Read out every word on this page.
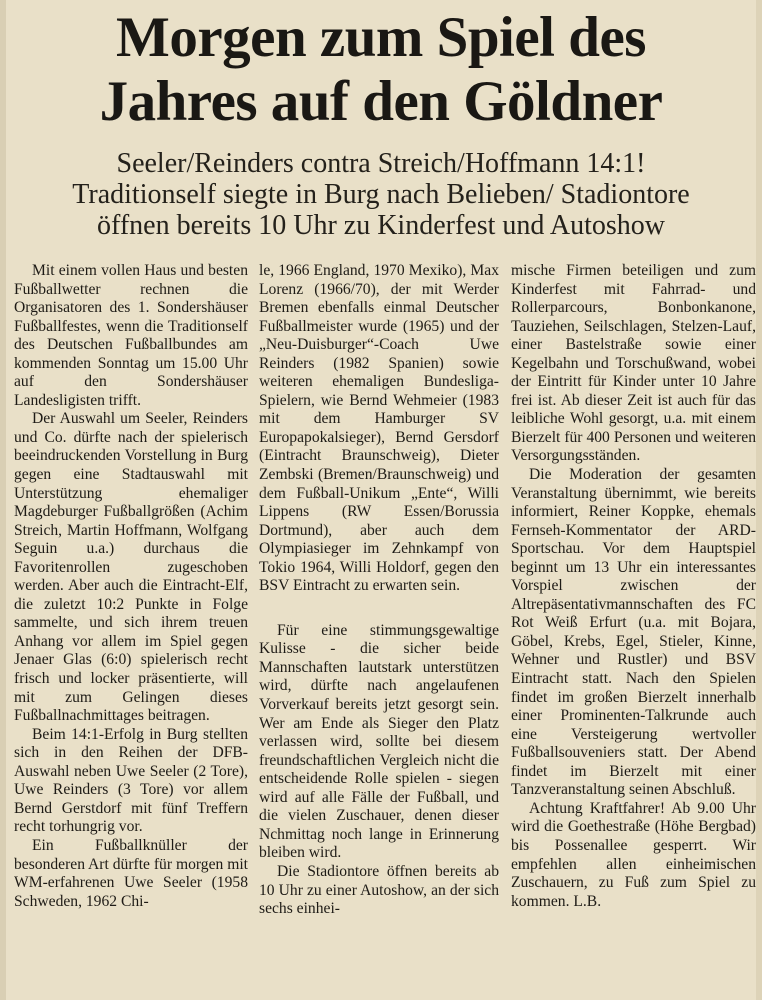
Morgen zum Spiel des
Jahres auf den Göldner
Seeler/Reinders contra Streich/Hoffmann 14:1!
Traditionself siegte in Burg nach Belieben/ Stadiontore
öffnen bereits 10 Uhr zu Kinderfest und Autoshow

Mit einem vollen Haus und besten Fußballwetter rechnen die Organisatoren des 1. Sondershäuser Fußballfestes, wenn die Traditionself des Deutschen Fußballbundes am kommenden Sonntag um 15.00 Uhr auf den Sondershäuser Landesligisten trifft.

Der Auswahl um Seeler, Reinders und Co. dürfte nach der spielerisch beeindruckenden Vorstellung in Burg gegen eine Stadtauswahl mit Unterstützung ehemaliger Magdeburger Fußballgrößen (Achim Streich, Martin Hoffmann, Wolfgang Seguin u.a.) durchaus die Favoritenrollen zugeschoben werden. Aber auch die Eintracht-Elf, die zuletzt 10:2 Punkte in Folge sammelte, und sich ihrem treuen Anhang vor allem im Spiel gegen Jenaer Glas (6:0) spielerisch recht frisch und locker präsentierte, will mit zum Gelingen dieses Fußballnachmittages beitragen.

Beim 14:1-Erfolg in Burg stellten sich in den Reihen der DFB-Auswahl neben Uwe Seeler (2 Tore), Uwe Reinders (3 Tore) vor allem Bernd Gerstdorf mit fünf Treffern recht torhungrig vor.

Ein Fußballknüller der besonderen Art dürfte für morgen mit WM-erfahrenen Uwe Seeler (1958 Schweden, 1962 Chi-

le, 1966 England, 1970 Mexiko), Max Lorenz (1966/70), der mit Werder Bremen ebenfalls einmal Deutscher Fußballmeister wurde (1965) und der „Neu-Duisburger“-Coach Uwe Reinders (1982 Spanien) sowie weiteren ehemaligen Bundesliga-Spielern, wie Bernd Wehmeier (1983 mit dem Hamburger SV Europapokalsieger), Bernd Gersdorf (Eintracht Braunschweig), Dieter Zembski (Bremen/Braunschweig) und dem Fußball-Unikum „Ente“, Willi Lippens (RW Essen/Borussia Dortmund), aber auch dem Olympiasieger im Zehnkampf von Tokio 1964, Willi Holdorf, gegen den BSV Eintracht zu erwarten sein.

Für eine stimmungsgewaltige Kulisse - die sicher beide Mannschaften lautstark unterstützen wird, dürfte nach angelaufenen Vorverkauf bereits jetzt gesorgt sein. Wer am Ende als Sieger den Platz verlassen wird, sollte bei diesem freundschaftlichen Vergleich nicht die entscheidende Rolle spielen - siegen wird auf alle Fälle der Fußball, und die vielen Zuschauer, denen dieser Nchmittag noch lange in Erinnerung bleiben wird.

Die Stadiontore öffnen bereits ab 10 Uhr zu einer Autoshow, an der sich sechs einhei-

mische Firmen beteiligen und zum Kinderfest mit Fahrrad- und Rollerparcours, Bonbonkanone, Tauziehen, Seilschlagen, Stelzen-Lauf, einer Bastelstraße sowie einer Kegelbahn und Torschußwand, wobei der Eintritt für Kinder unter 10 Jahre frei ist. Ab dieser Zeit ist auch für das leibliche Wohl gesorgt, u.a. mit einem Bierzelt für 400 Personen und weiteren Versorgungsständen.

Die Moderation der gesamten Veranstaltung übernimmt, wie bereits informiert, Reiner Koppke, ehemals Fernseh-Kommentator der ARD-Sportschau. Vor dem Hauptspiel beginnt um 13 Uhr ein interessantes Vorspiel zwischen der Altrepäsentativmannschaften des FC Rot Weiß Erfurt (u.a. mit Bojara, Göbel, Krebs, Egel, Stieler, Kinne, Wehner und Rustler) und BSV Eintracht statt. Nach den Spielen findet im großen Bierzelt innerhalb einer Prominenten-Talkrunde auch eine Versteigerung wertvoller Fußballsouveniers statt. Der Abend findet im Bierzelt mit einer Tanzveranstaltung seinen Abschluß.

Achtung Kraftfahrer! Ab 9.00 Uhr wird die Goethestraße (Höhe Bergbad) bis Possenallee gesperrt. Wir empfehlen allen einheimischen Zuschauern, zu Fuß zum Spiel zu kommen. L.B.
